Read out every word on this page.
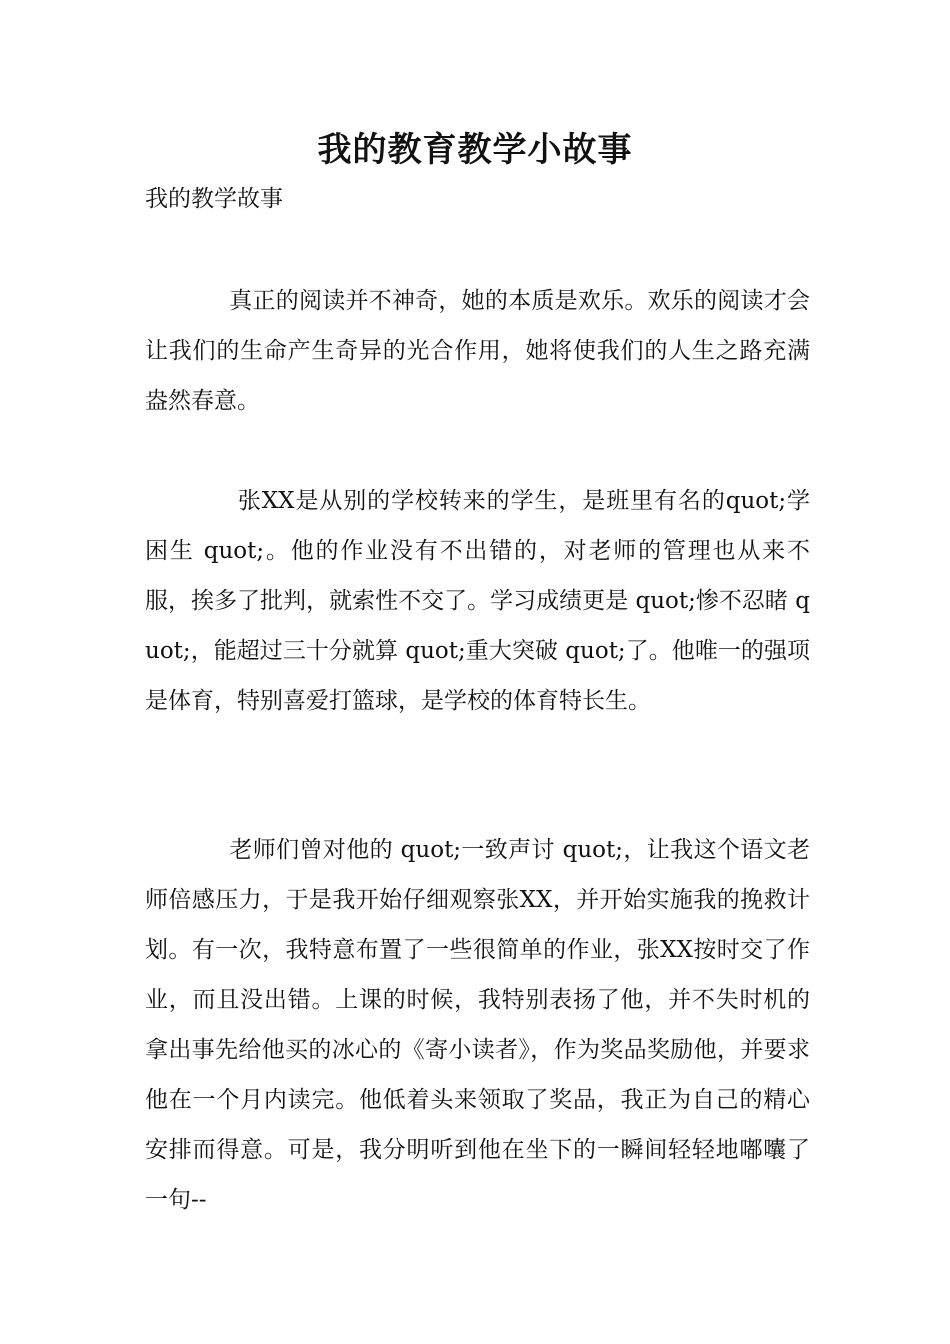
我的教育教学小故事
我的教学故事
真正的阅读并不神奇，她的本质是欢乐。欢乐的阅读才会让我们的生命产生奇异的光合作用，她将使我们的人生之路充满盎然春意。
张XX是从别的学校转来的学生，是班里有名的quot;学困生 quot;。他的作业没有不出错的，对老师的管理也从来不服，挨多了批判，就索性不交了。学习成绩更是 quot;惨不忍睹 quot;，能超过三十分就算 quot;重大突破 quot;了。他唯一的强项是体育，特别喜爱打篮球，是学校的体育特长生。
老师们曾对他的 quot;一致声讨 quot;，让我这个语文老师倍感压力，于是我开始仔细观察张XX，并开始实施我的挽救计划。有一次，我特意布置了一些很简单的作业，张XX按时交了作业，而且没出错。上课的时候，我特别表扬了他，并不失时机的拿出事先给他买的冰心的《寄小读者》，作为奖品奖励他，并要求他在一个月内读完。他低着头来领取了奖品，我正为自己的精心安排而得意。可是，我分明听到他在坐下的一瞬间轻轻地嘟囔了一句--
